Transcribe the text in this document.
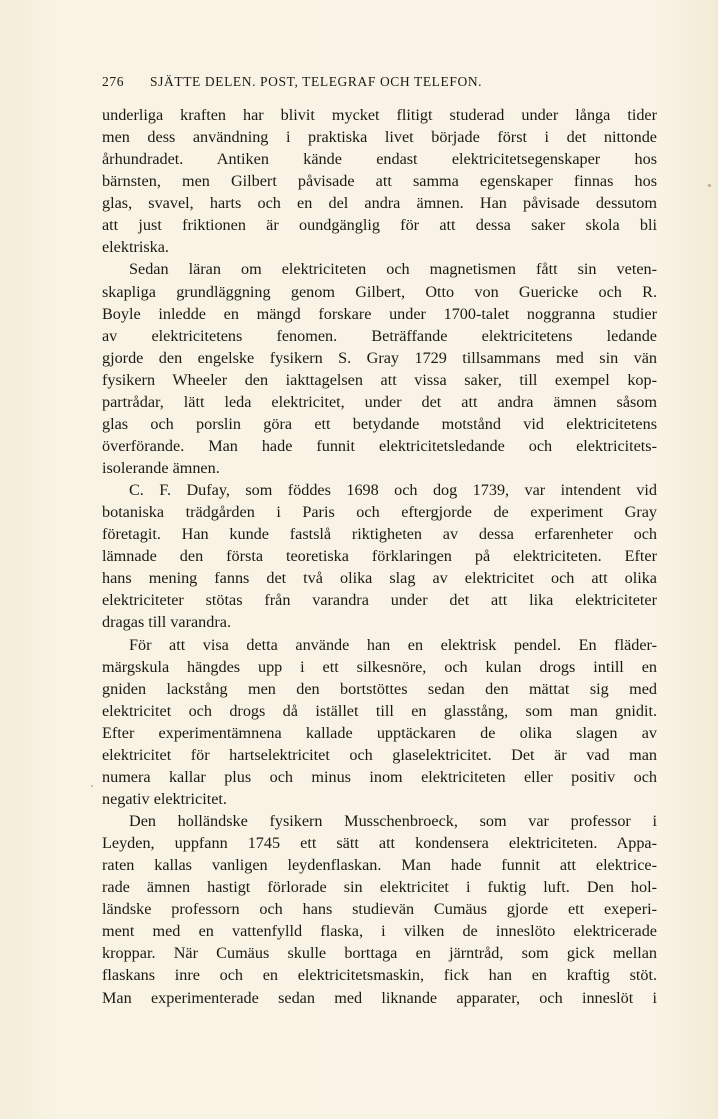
276 SJÄTTE DELEN. POST, TELEGRAF OCH TELEFON.
underliga kraften har blivit mycket flitigt studerad under långa tider
men dess användning i praktiska livet började först i det nittonde
århundradet. Antiken kände endast elektricitetsegenskaper hos
bärnsten, men Gilbert påvisade att samma egenskaper finnas hos
glas, svavel, harts och en del andra ämnen. Han påvisade dessutom
att just friktionen är oundgänglig för att dessa saker skola bli
elektriska.
Sedan läran om elektriciteten och magnetismen fått sin veten-
skapliga grundläggning genom Gilbert, Otto von Guericke och R.
Boyle inledde en mängd forskare under 1700-talet noggranna studier
av elektricitetens fenomen. Beträffande elektricitetens ledande
gjorde den engelske fysikern S. Gray 1729 tillsammans med sin vän
fysikern Wheeler den iakttagelsen att vissa saker, till exempel kop-
partrådar, lätt leda elektricitet, under det att andra ämnen såsom
glas och porslin göra ett betydande motstånd vid elektricitetens
överförande. Man hade funnit elektricitetsledande och elektricitets-
isolerande ämnen.
C. F. Dufay, som föddes 1698 och dog 1739, var intendent vid
botaniska trädgården i Paris och eftergjorde de experiment Gray
företagit. Han kunde fastslå riktigheten av dessa erfarenheter och
lämnade den första teoretiska förklaringen på elektriciteten. Efter
hans mening fanns det två olika slag av elektricitet och att olika
elektriciteter stötas från varandra under det att lika elektriciteter
dragas till varandra.
För att visa detta använde han en elektrisk pendel. En fläder-
märgskula hängdes upp i ett silkesnöre, och kulan drogs intill en
gniden lackstång men den bortstöttes sedan den mättat sig med
elektricitet och drogs då istället till en glasstång, som man gnidit.
Efter experimentämnena kallade upptäckaren de olika slagen av
elektricitet för hartselektricitet och glaselektricitet. Det är vad man
numera kallar plus och minus inom elektriciteten eller positiv och
negativ elektricitet.
Den holländske fysikern Musschenbroeck, som var professor i
Leyden, uppfann 1745 ett sätt att kondensera elektriciteten. Appa-
raten kallas vanligen leydenflaskan. Man hade funnit att elektrice-
rade ämnen hastigt förlorade sin elektricitet i fuktig luft. Den hol-
ländske professorn och hans studievän Cumäus gjorde ett exeperi-
ment med en vattenfylld flaska, i vilken de inneslöto elektricerade
kroppar. När Cumäus skulle borttaga en järntråd, som gick mellan
flaskans inre och en elektricitetsmaskin, fick han en kraftig stöt.
Man experimenterade sedan med liknande apparater, och inneslöt i
